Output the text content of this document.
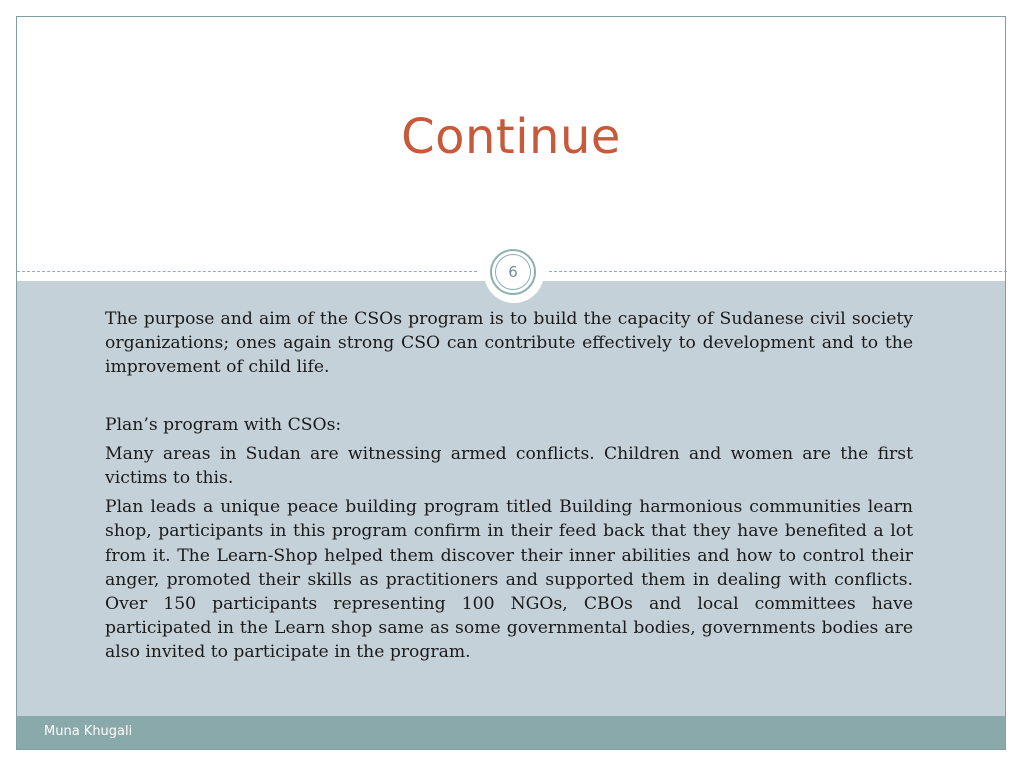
Continue
6
Muna Khugali

The purpose and aim of the CSOs program is to build the capacity of Sudanese civil society organizations; ones again strong CSO can contribute effectively to development and to the improvement of child life.

Plan’s program with CSOs:

Many areas in Sudan are witnessing armed conflicts. Children and women are the first victims to this.

Plan leads a unique peace building program titled Building harmonious communities learn shop, participants in this program confirm in their feed back that they have benefited a lot from it. The Learn-Shop helped them discover their inner abilities and how to control their anger, promoted their skills as practitioners and supported them in dealing with conflicts. Over 150 participants representing 100 NGOs, CBOs and local committees have participated in the Learn shop same as some governmental bodies, governments bodies are also invited to participate in the program.
